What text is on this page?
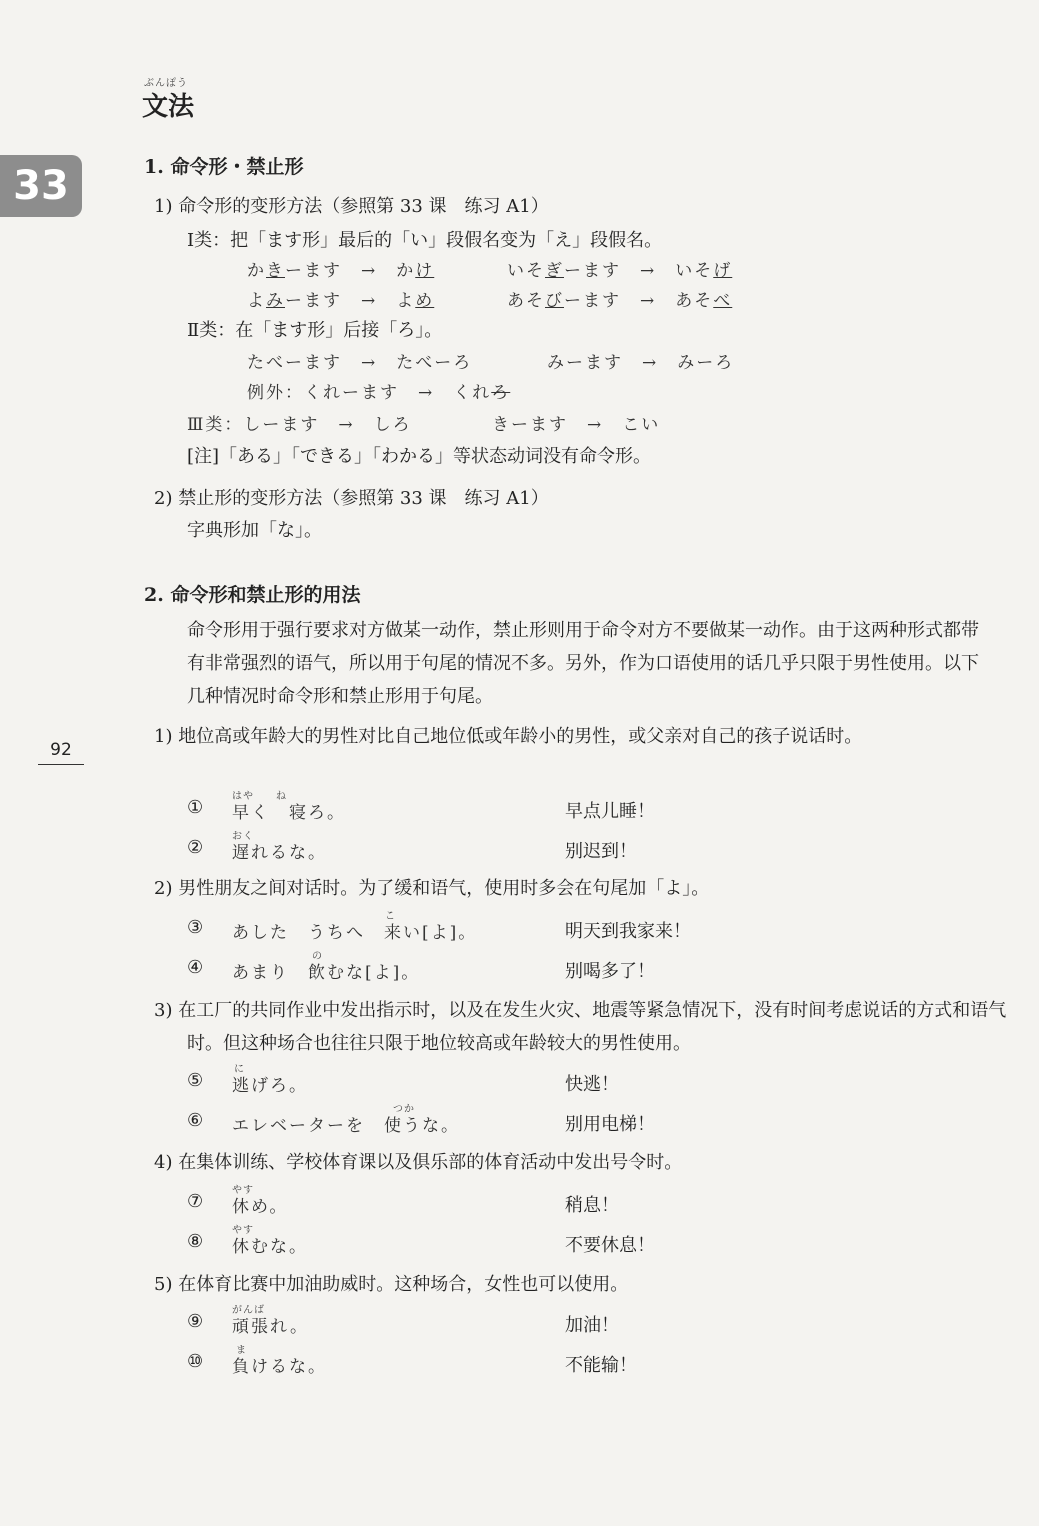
ぶんぽう
文法
33
92
1. 命令形・禁止形
1) 命令形的变形方法（参照第 33 课　练习 A1）
Ⅰ类：把「ます形」最后的「い」段假名变为「え」段假名。
かきーます　→　かけ	いそぎーます　→　いそげ
よみーます　→　よめ	あそびーます　→　あそべ
Ⅱ类：在「ます形」后接「ろ」。
たべーます　→　たべーろ	みーます　→　みーろ
例外：くれーます　→　くれろ
Ⅲ类：しーます　→　しろ	きーます　→　こい
[注]「ある」「できる」「わかる」等状态动词没有命令形。
2) 禁止形的变形方法（参照第 33 课　练习 A1）
字典形加「な」。
2. 命令形和禁止形的用法
命令形用于强行要求对方做某一动作，禁止形则用于命令对方不要做某一动作。由于这两种形式都带有非常强烈的语气，所以用于句尾的情况不多。另外，作为口语使用的话几乎只限于男性使用。以下几种情况时命令形和禁止形用于句尾。
1) 地位高或年龄大的男性对比自己地位低或年龄小的男性，或父亲对自己的孩子说话时。
2) 男性朋友之间对话时。为了缓和语气，使用时多会在句尾加「よ」。
3) 在工厂的共同作业中发出指示时，以及在发生火灾、地震等紧急情况下，没有时间考虑说话的方式和语气时。但这种场合也往往只限于地位较高或年龄较大的男性使用。
4) 在集体训练、学校体育课以及俱乐部的体育活动中发出号令时。
5) 在体育比赛中加油助威时。这种场合，女性也可以使用。
はや　　ね
① 早く　寝ろ。	早点儿睡！
おく
② 遅れるな。	别迟到！
こ
③ あした　うちへ　来い[よ]。	明天到我家来！
の
④ あまり　飲むな[よ]。	别喝多了！
に
⑤ 逃げろ。	快逃！
つか
⑥ エレベーターを　使うな。	别用电梯！
やす
⑦ 休め。	稍息！
やす
⑧ 休むな。	不要休息！
がんば
⑨ 頑張れ。	加油！
ま
⑩ 負けるな。	不能输！
